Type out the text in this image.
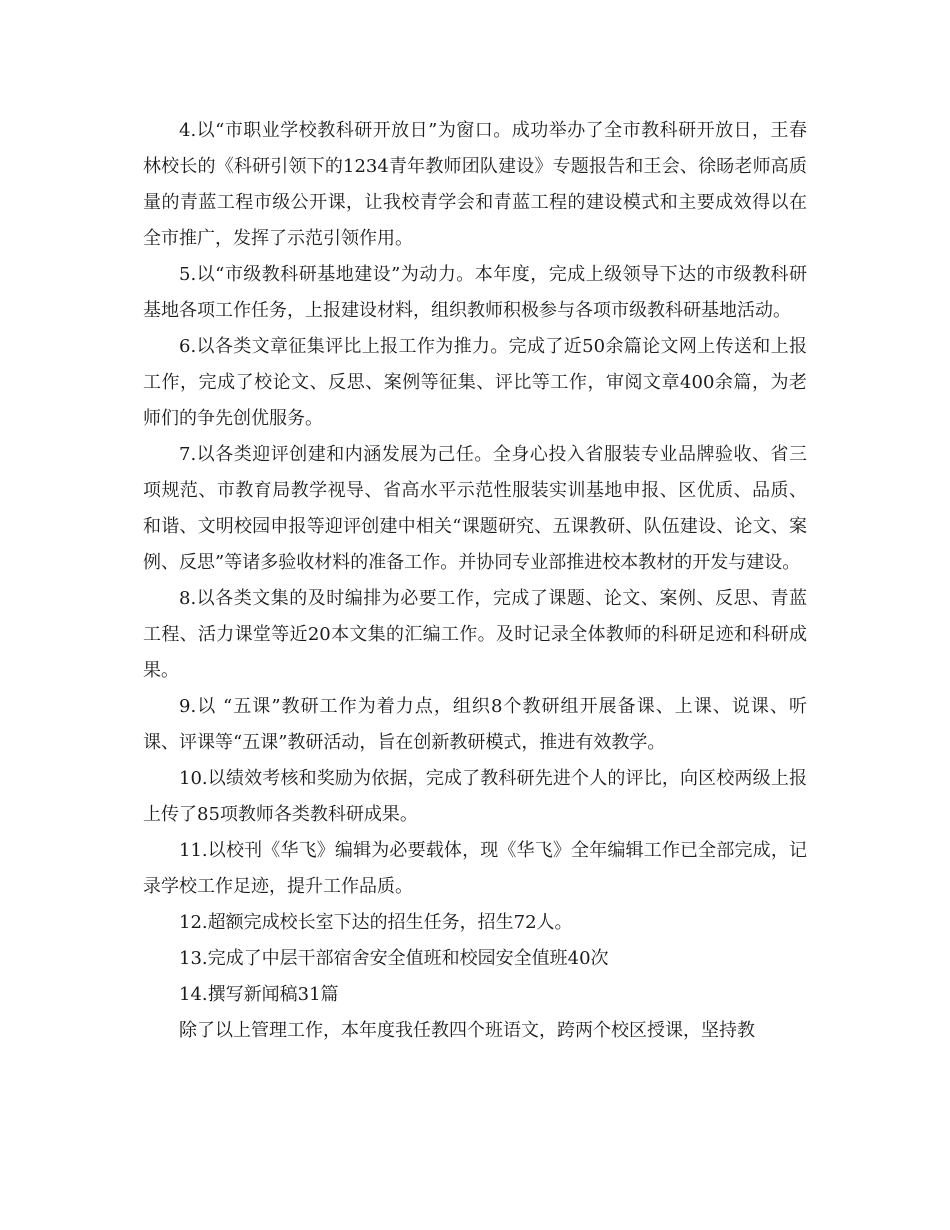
4.以“市职业学校教科研开放日”为窗口。成功举办了全市教科研开放日，王春林校长的《科研引领下的1234青年教师团队建设》专题报告和王会、徐旸老师高质量的青蓝工程市级公开课，让我校青学会和青蓝工程的建设模式和主要成效得以在全市推广，发挥了示范引领作用。

5.以“市级教科研基地建设”为动力。本年度，完成上级领导下达的市级教科研基地各项工作任务，上报建设材料，组织教师积极参与各项市级教科研基地活动。

6.以各类文章征集评比上报工作为推力。完成了近50余篇论文网上传送和上报工作，完成了校论文、反思、案例等征集、评比等工作，审阅文章400余篇，为老师们的争先创优服务。

7.以各类迎评创建和内涵发展为己任。全身心投入省服装专业品牌验收、省三项规范、市教育局教学视导、省高水平示范性服装实训基地申报、区优质、品质、和谐、文明校园申报等迎评创建中相关“课题研究、五课教研、队伍建设、论文、案例、反思”等诸多验收材料的准备工作。并协同专业部推进校本教材的开发与建设。

8.以各类文集的及时编排为必要工作，完成了课题、论文、案例、反思、青蓝工程、活力课堂等近20本文集的汇编工作。及时记录全体教师的科研足迹和科研成果。

9.以 “五课”教研工作为着力点，组织8个教研组开展备课、上课、说课、听课、评课等“五课”教研活动，旨在创新教研模式，推进有效教学。

10.以绩效考核和奖励为依据，完成了教科研先进个人的评比，向区校两级上报上传了85项教师各类教科研成果。

11.以校刊《华飞》编辑为必要载体，现《华飞》全年编辑工作已全部完成，记录学校工作足迹，提升工作品质。

12.超额完成校长室下达的招生任务，招生72人。

13.完成了中层干部宿舍安全值班和校园安全值班40次

14.撰写新闻稿31篇

除了以上管理工作，本年度我任教四个班语文，跨两个校区授课，坚持教
